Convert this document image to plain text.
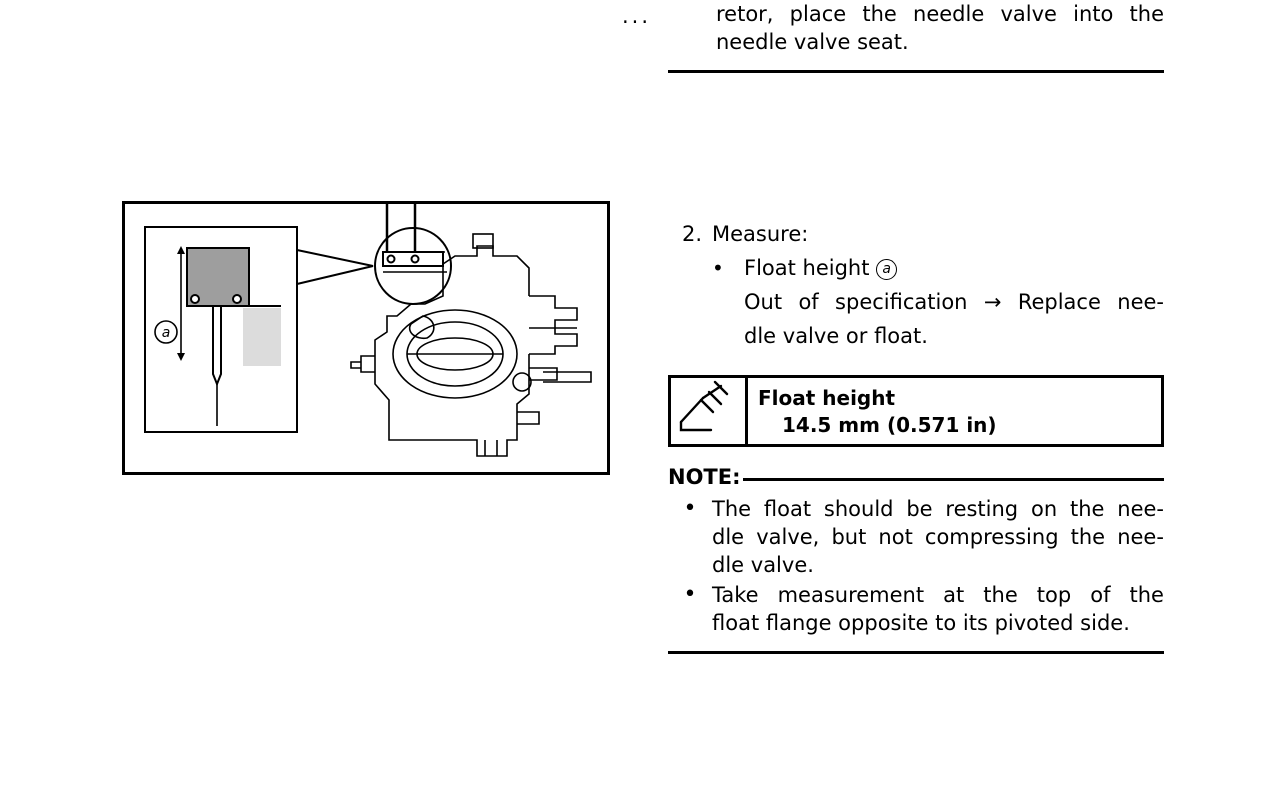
a
...	retor, place the needle valve into the
needle valve seat.
2. Measure:
• Float height a
Out of specification → Replace nee-
dle valve or float.
Float height
14.5 mm (0.571 in)
NOTE:
• The float should be resting on the nee-
dle valve, but not compressing the nee-
dle valve.
• Take measurement at the top of the
float flange opposite to its pivoted side.
